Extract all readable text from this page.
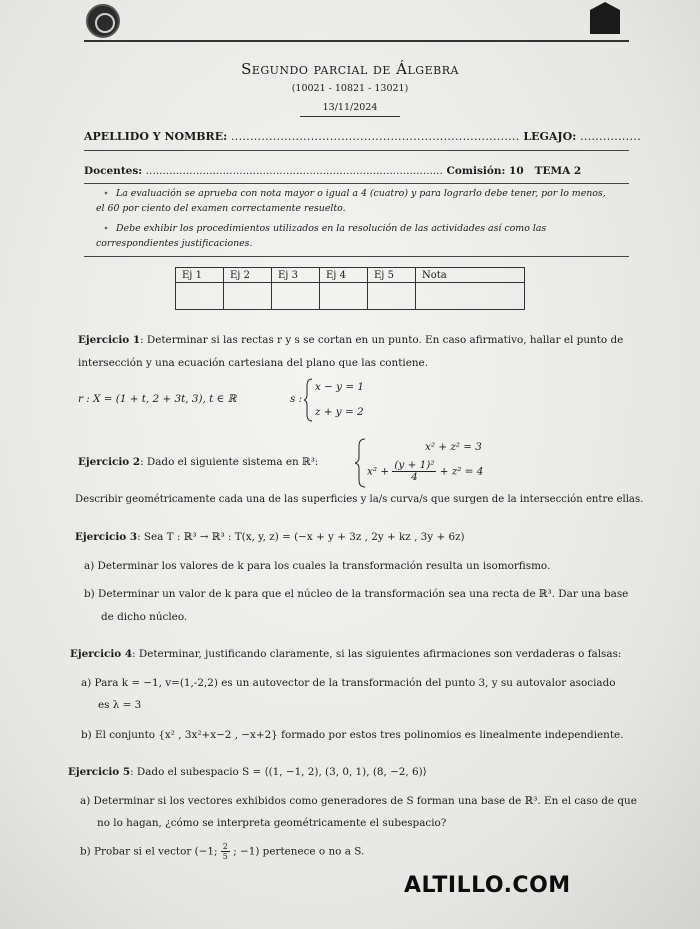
Segundo parcial de Álgebra
(10021 - 10821 - 13021)
13/11/2024
APELLIDO Y NOMBRE: ............................................................................ LEGAJO: ................
Docentes: ......................................................................................... Comisión: 10 TEMA 2
∘ La evaluación se aprueba con nota mayor o igual a 4 (cuatro) y para lograrlo debe tener, por lo menos, el 60 por ciento del examen correctamente resuelto.
∘ Debe exhibir los procedimientos utilizados en la resolución de las actividades así como las correspondientes justificaciones.
Ej 1	Ej 2	Ej 3	Ej 4	Ej 5	Nota

Ejercicio 1: Determinar si las rectas r y s se cortan en un punto. En caso afirmativo, hallar el punto de
intersección y una ecuación cartesiana del plano que las contiene.
r : X = (1 + t, 2 + 3t, 3), t ∈ ℝ	s :
x − y = 1
z + y = 2
x² + z² = 3
Ejercicio 2: Dado el siguiente sistema en ℝ³:
$x^2 + \frac{\text{(y + 1)²}}{4} + z^2 = 4$
Describir geométricamente cada una de las superficies y la/s curva/s que surgen de la intersección entre ellas.
Ejercicio 3: Sea T : ℝ³ → ℝ³ : T(x, y, z) = (−x + y + 3z , 2y + kz , 3y + 6z)
a) Determinar los valores de k para los cuales la transformación resulta un isomorfismo.
b) Determinar un valor de k para que el núcleo de la transformación sea una recta de ℝ³. Dar una base
de dicho núcleo.
Ejercicio 4: Determinar, justificando claramente, si las siguientes afirmaciones son verdaderas o falsas:
a) Para k = −1, v=(1,-2,2) es un autovector de la transformación del punto 3, y su autovalor asociado
es λ = 3
b) El conjunto {x² , 3x²+x−2 , −x+2} formado por estos tres polinomios es linealmente independiente.
Ejercicio 5: Dado el subespacio S = ⟨(1, −1, 2), (3, 0, 1), (8, −2, 6)⟩
a) Determinar si los vectores exhibidos como generadores de S forman una base de ℝ³. En el caso de que
no lo hagan, ¿cómo se interpreta geométricamente el subespacio?
b) Probar si el vector (−1; $\frac{2}{5}$ ; −1) pertenece o no a S.
ALTILLO.COM
